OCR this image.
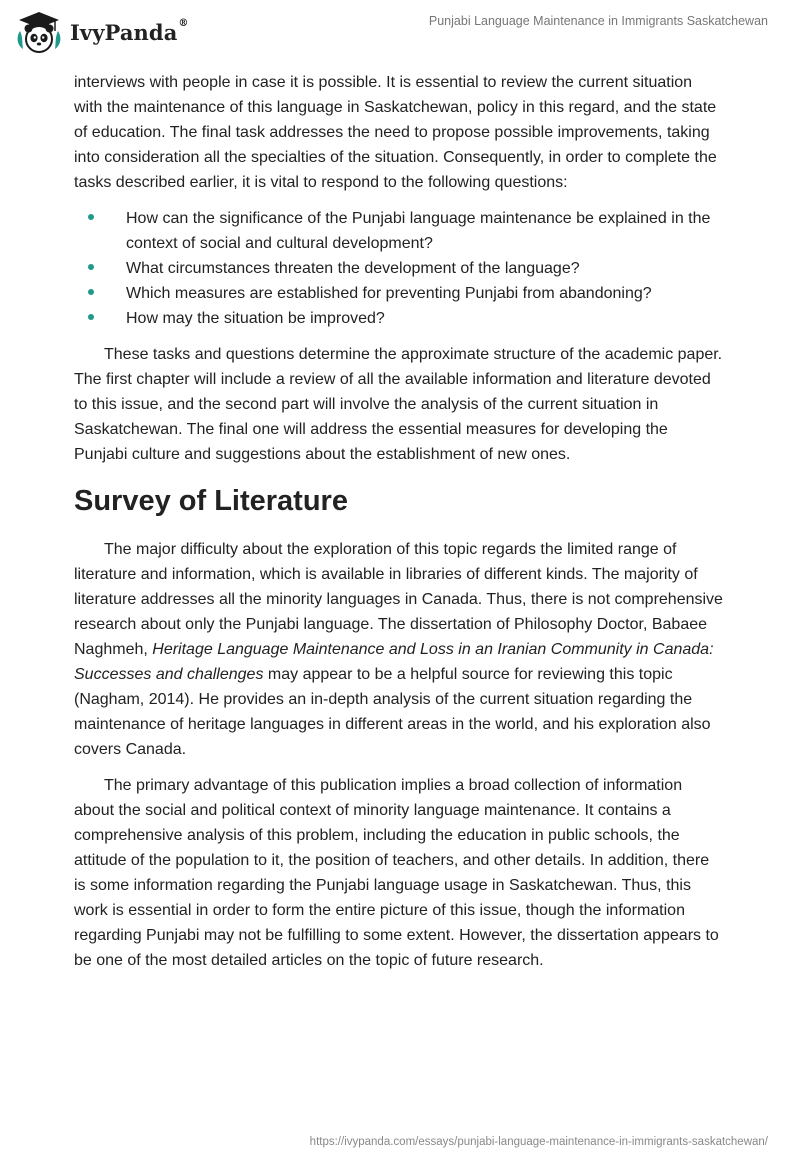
IvyPanda®	Punjabi Language Maintenance in Immigrants Saskatchewan

interviews with people in case it is possible. It is essential to review the current situation with the maintenance of this language in Saskatchewan, policy in this regard, and the state of education. The final task addresses the need to propose possible improvements, taking into consideration all the specialties of the situation. Consequently, in order to complete the tasks described earlier, it is vital to respond to the following questions:

How can the significance of the Punjabi language maintenance be explained in the context of social and cultural development?
What circumstances threaten the development of the language?
Which measures are established for preventing Punjabi from abandoning?
How may the situation be improved?

These tasks and questions determine the approximate structure of the academic paper. The first chapter will include a review of all the available information and literature devoted to this issue, and the second part will involve the analysis of the current situation in Saskatchewan. The final one will address the essential measures for developing the Punjabi culture and suggestions about the establishment of new ones.

Survey of Literature

The major difficulty about the exploration of this topic regards the limited range of literature and information, which is available in libraries of different kinds. The majority of literature addresses all the minority languages in Canada. Thus, there is not comprehensive research about only the Punjabi language. The dissertation of Philosophy Doctor, Babaee Naghmeh, Heritage Language Maintenance and Loss in an Iranian Community in Canada: Successes and challenges may appear to be a helpful source for reviewing this topic (Nagham, 2014). He provides an in-depth analysis of the current situation regarding the maintenance of heritage languages in different areas in the world, and his exploration also covers Canada.

The primary advantage of this publication implies a broad collection of information about the social and political context of minority language maintenance. It contains a comprehensive analysis of this problem, including the education in public schools, the attitude of the population to it, the position of teachers, and other details. In addition, there is some information regarding the Punjabi language usage in Saskatchewan. Thus, this work is essential in order to form the entire picture of this issue, though the information regarding Punjabi may not be fulfilling to some extent. However, the dissertation appears to be one of the most detailed articles on the topic of future research.

https://ivypanda.com/essays/punjabi-language-maintenance-in-immigrants-saskatchewan/
